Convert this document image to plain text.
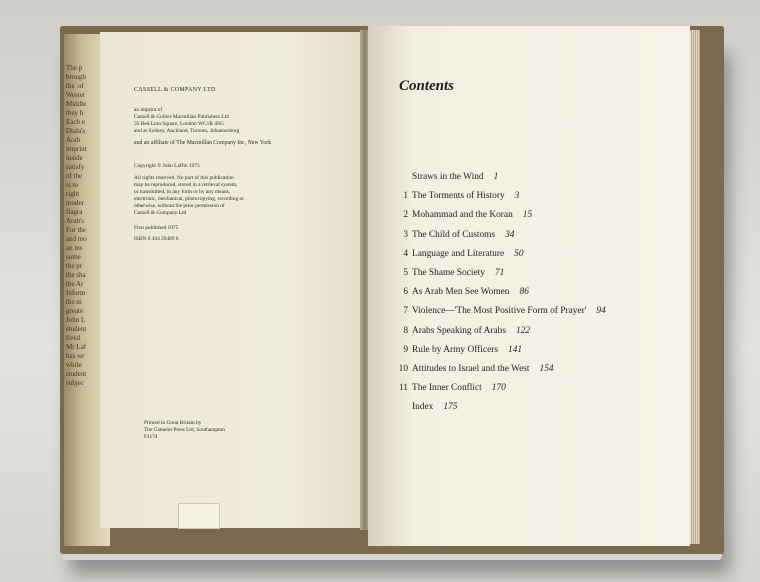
The p
brough
the  of
Wester
Middle
they h
Each e
Diala's
Arab
imprint
inside
satisfy
of the
is to
right
moder
flagra
Arab's
For the
and mo
an ins
some
the pr
the sha
the Ar
Inform
the m
greate
John L
student
lived
Mr Laf
has wr
while
student
subjec
CASSELL & COMPANY LTD
an imprint of
Cassell & Collier Macmillan Publishers Ltd
35 Red Lion Square, London WC1R 4SG
and at Sydney, Auckland, Toronto, Johannesburg
and an affiliate of The Macmillan Company Inc, New York
Copyright © John Laffin 1975
All rights reserved. No part of this publication
may be reproduced, stored in a retrieval system,
or transmitted, in any form or by any means,
electronic, mechanical, photocopying, recording or
otherwise, without the prior permission of
Cassell & Company Ltd
First published 1975
ISBN 0 304 29489 6
Printed in Great Britain by
The Camelot Press Ltd, Southampton
F1174
Contents
Straws in the Wind 1
1 The Torments of History 3
2 Mohammad and the Koran 15
3 The Child of Customs 34
4 Language and Literature 50
5 The Shame Society 71
6 As Arab Men See Women 86
7 Violence—'The Most Positive Form of Prayer' 94
8 Arabs Speaking of Arabs 122
9 Rule by Army Officers 141
10 Attitudes to Israel and the West 154
11 The Inner Conflict 170
Index 175
